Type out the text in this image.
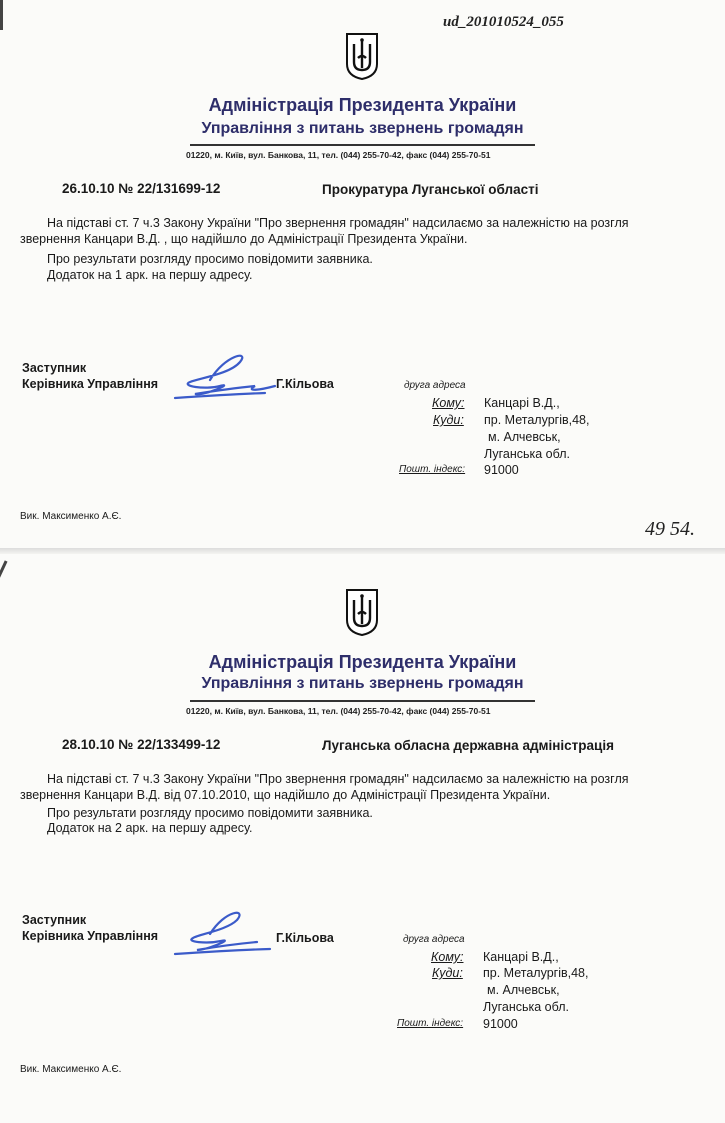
ud_201010524_055
Адміністрація Президента України
Управління з питань звернень громадян
01220, м. Київ, вул. Банкова, 11, тел. (044) 255-70-42, факс (044) 255-70-51
26.10.10 № 22/131699-12	Прокуратура Луганської області
На підставі ст. 7 ч.3 Закону України "Про звернення громадян" надсилаємо за належністю на розгля
звернення Канцари В.Д. , що надійшло до Адміністрації Президента України.
Про результати розгляду просимо повідомити заявника.
Додаток на 1 арк. на першу адресу.
Заступник
Керівника Управління	Г.Кільова	друга адреса
Кому: Канцарі В.Д.,
Куди: пр. Металургів,48,
м. Алчевськ,
Луганська обл.
Пошт. індекс: 91000
Вик. Максименко А.Є.
49 54.
Адміністрація Президента України
Управління з питань звернень громадян
01220, м. Київ, вул. Банкова, 11, тел. (044) 255-70-42, факс (044) 255-70-51
28.10.10 № 22/133499-12	Луганська обласна державна адміністрація
На підставі ст. 7 ч.3 Закону України "Про звернення громадян" надсилаємо за належністю на розгля
звернення Канцари В.Д. від 07.10.2010, що надійшло до Адміністрації Президента України.
Про результати розгляду просимо повідомити заявника.
Додаток на 2 арк. на першу адресу.
Заступник
Керівника Управління	Г.Кільова	друга адреса
Кому: Канцарі В.Д.,
Куди: пр. Металургів,48,
м. Алчевськ,
Луганська обл.
Пошт. індекс: 91000
Вик. Максименко А.Є.
